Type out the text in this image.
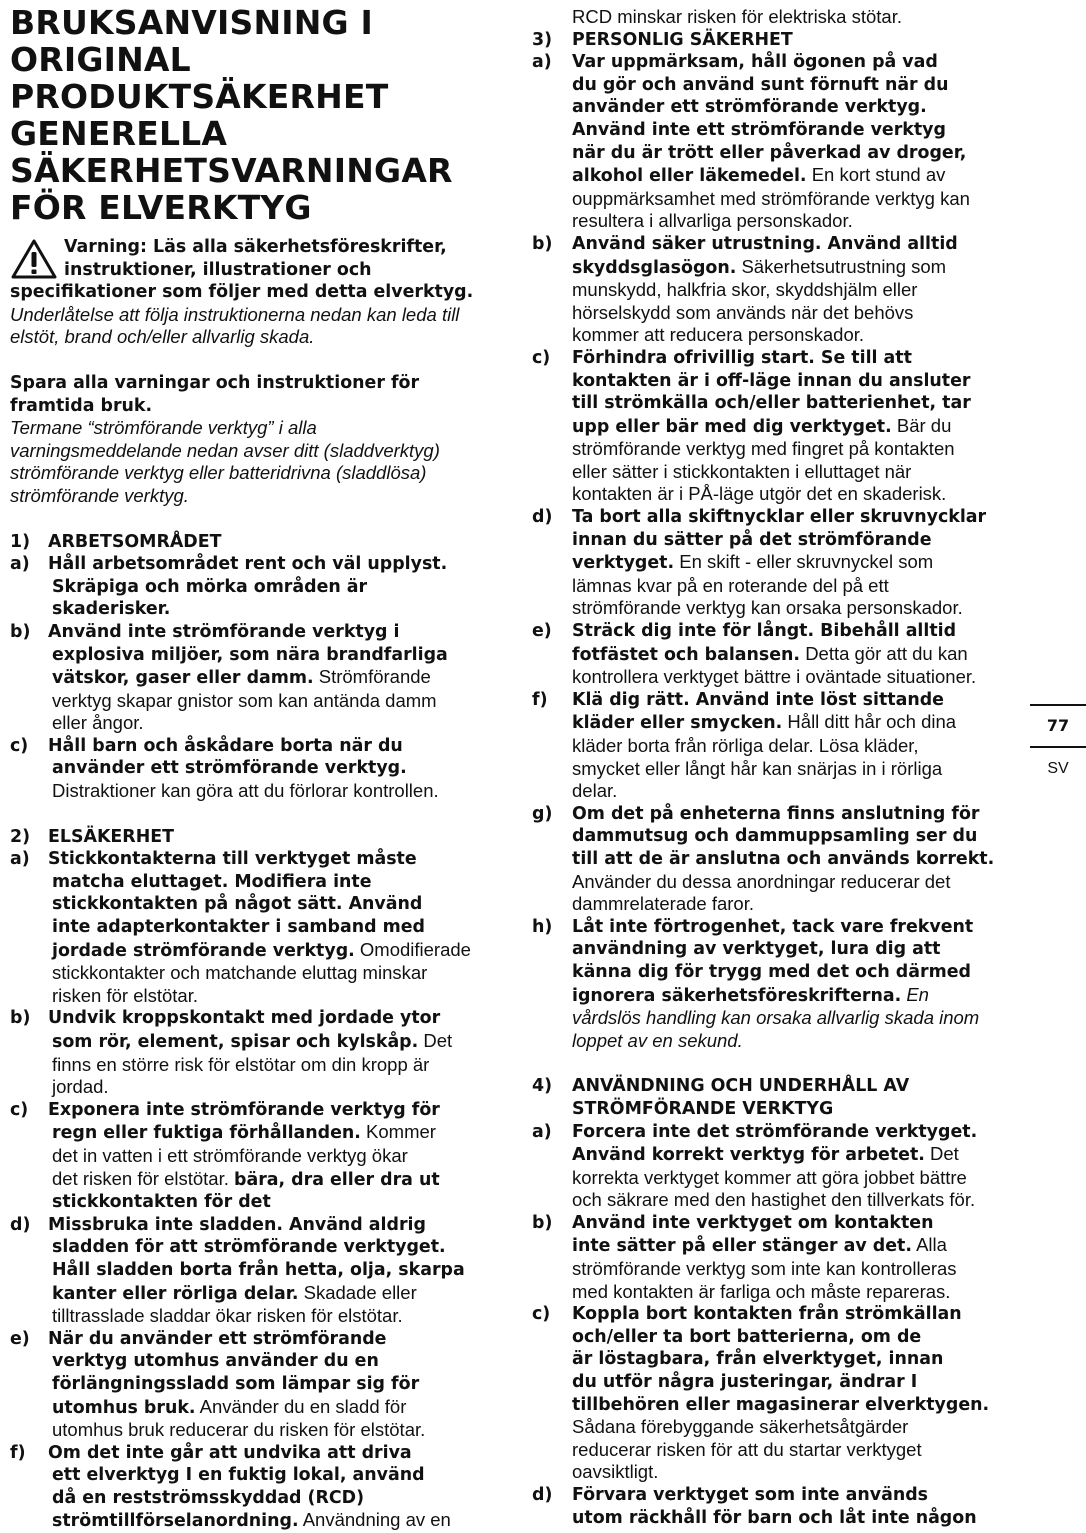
BRUKSANVISNING I
ORIGINAL
PRODUKTSÄKERHET
GENERELLA
SÄKERHETSVARNINGAR
FÖR ELVERKTYG
Varning: Läs alla säkerhetsföreskrifter,
instruktioner, illustrationer och
specifikationer som följer med detta elverktyg.
Underlåtelse att följa instruktionerna nedan kan leda till
elstöt, brand och/eller allvarlig skada.
Spara alla varningar och instruktioner för
framtida bruk.
Termane “strömförande verktyg” i alla
varningsmeddelande nedan avser ditt (sladdverktyg)
strömförande verktyg eller batteridrivna (sladdlösa)
strömförande verktyg.
1)	ARBETSOMRÅDET
a)	Håll arbetsområdet rent och väl upplyst.
Skräpiga och mörka områden är
skaderisker.
b)	Använd inte strömförande verktyg i
explosiva miljöer, som nära brandfarliga
vätskor, gaser eller damm. Strömförande
verktyg skapar gnistor som kan antända damm
eller ångor.
c)	Håll barn och åskådare borta när du
använder ett strömförande verktyg.
Distraktioner kan göra att du förlorar kontrollen.
2)	ELSÄKERHET
a)	Stickkontakterna till verktyget måste
matcha eluttaget. Modifiera inte
stickkontakten på något sätt. Använd
inte adapterkontakter i samband med
jordade strömförande verktyg. Omodifierade
stickkontakter och matchande eluttag minskar
risken för elstötar.
b)	Undvik kroppskontakt med jordade ytor
som rör, element, spisar och kylskåp. Det
finns en större risk för elstötar om din kropp är
jordad.
c)	Exponera inte strömförande verktyg för
regn eller fuktiga förhållanden. Kommer
det in vatten i ett strömförande verktyg ökar
det risken för elstötar. bära, dra eller dra ut
stickkontakten för det
d)	Missbruka inte sladden. Använd aldrig
sladden för att strömförande verktyget.
Håll sladden borta från hetta, olja, skarpa
kanter eller rörliga delar. Skadade eller
tilltrasslade sladdar ökar risken för elstötar.
e)	När du använder ett strömförande
verktyg utomhus använder du en
förlängningssladd som lämpar sig för
utomhus bruk. Använder du en sladd för
utomhus bruk reducerar du risken för elstötar.
f)	Om det inte går att undvika att driva
ett elverktyg I en fuktig lokal, använd
då en restströmsskyddad (RCD)
strömtillförselanordning. Användning av en
RCD minskar risken för elektriska stötar.
3)	PERSONLIG SÄKERHET
a)	Var uppmärksam, håll ögonen på vad
du gör och använd sunt förnuft när du
använder ett strömförande verktyg.
Använd inte ett strömförande verktyg
när du är trött eller påverkad av droger,
alkohol eller läkemedel. En kort stund av
ouppmärksamhet med strömförande verktyg kan
resultera i allvarliga personskador.
b)	Använd säker utrustning. Använd alltid
skyddsglasögon. Säkerhetsutrustning som
munskydd, halkfria skor, skyddshjälm eller
hörselskydd som används när det behövs
kommer att reducera personskador.
c)	Förhindra ofrivillig start. Se till att
kontakten är i off-läge innan du ansluter
till strömkälla och/eller batterienhet, tar
upp eller bär med dig verktyget. Bär du
strömförande verktyg med fingret på kontakten
eller sätter i stickkontakten i elluttaget när
kontakten är i PÅ-läge utgör det en skaderisk.
d)	Ta bort alla skiftnycklar eller skruvnycklar
innan du sätter på det strömförande
verktyget. En skift - eller skruvnyckel som
lämnas kvar på en roterande del på ett
strömförande verktyg kan orsaka personskador.
e)	Sträck dig inte för långt. Bibehåll alltid
fotfästet och balansen. Detta gör att du kan
kontrollera verktyget bättre i oväntade situationer.
f)	Klä dig rätt. Använd inte löst sittande
kläder eller smycken. Håll ditt hår och dina
kläder borta från rörliga delar. Lösa kläder,
smycket eller långt hår kan snärjas in i rörliga
delar.
g)	Om det på enheterna finns anslutning för
dammutsug och dammuppsamling ser du
till att de är anslutna och används korrekt.
Använder du dessa anordningar reducerar det
dammrelaterade faror.
h)	Låt inte förtrogenhet, tack vare frekvent
användning av verktyget, lura dig att
känna dig för trygg med det och därmed
ignorera säkerhetsföreskrifterna. En
vårdslös handling kan orsaka allvarlig skada inom
loppet av en sekund.
4)	ANVÄNDNING OCH UNDERHÅLL AV
STRÖMFÖRANDE VERKTYG
a)	Forcera inte det strömförande verktyget.
Använd korrekt verktyg för arbetet. Det
korrekta verktyget kommer att göra jobbet bättre
och säkrare med den hastighet den tillverkats för.
b)	Använd inte verktyget om kontakten
inte sätter på eller stänger av det. Alla
strömförande verktyg som inte kan kontrolleras
med kontakten är farliga och måste repareras.
c)	Koppla bort kontakten från strömkällan
och/eller ta bort batterierna, om de
är löstagbara, från elverktyget, innan
du utför några justeringar, ändrar I
tillbehören eller magasinerar elverktygen.
Sådana förebyggande säkerhetsåtgärder
reducerar risken för att du startar verktyget
oavsiktligt.
d)	Förvara verktyget som inte används
utom räckhåll för barn och låt inte någon
77
SV
